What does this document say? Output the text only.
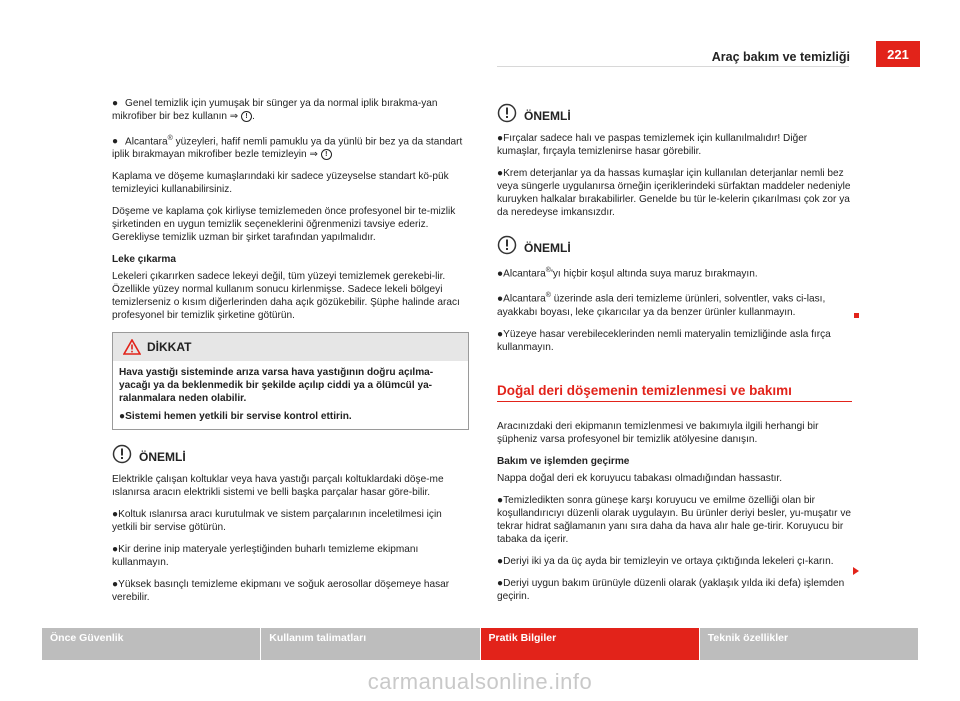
Araç bakım ve temizliği	221

● Genel temizlik için yumuşak bir sünger ya da normal iplik bırakma-yan mikrofiber bir bez kullanın ⇒ ! .

● Alcantara® yüzeyleri, hafif nemli pamuklu ya da yünlü bir bez ya da standart iplik bırakmayan mikrofiber bezle temizleyin ⇒ !

Kaplama ve döşeme kumaşlarındaki kir sadece yüzeyselse standart kö-pük temizleyici kullanabilirsiniz.

Döşeme ve kaplama çok kirliyse temizlemeden önce profesyonel bir te-mizlik şirketinden en uygun temizlik seçeneklerini öğrenmenizi tavsiye ederiz. Gerekliyse temizlik uzman bir şirket tarafından yapılmalıdır.

Leke çıkarma

Lekeleri çıkarırken sadece lekeyi değil, tüm yüzeyi temizlemek gerekebi-lir. Özellikle yüzey normal kullanım sonucu kirlenmişse. Sadece lekeli bölgeyi temizlerseniz o kısım diğerlerinden daha açık gözükebilir. Şüphe halinde aracı profesyonel bir temizlik şirketine götürün.

DİKKAT

Hava yastığı sisteminde arıza varsa hava yastığının doğru açılma-yacağı ya da beklenmedik bir şekilde açılıp ciddi ya a ölümcül ya-ralanmalara neden olabilir.

●Sistemi hemen yetkili bir servise kontrol ettirin.

ÖNEMLİ

Elektrikle çalışan koltuklar veya hava yastığı parçalı koltuklardaki döşe-me ıslanırsa aracın elektrikli sistemi ve belli başka parçalar hasar göre-bilir.

●Koltuk ıslanırsa aracı kurutulmak ve sistem parçalarının inceletilmesi için yetkili bir servise götürün.

●Kir derine inip materyale yerleştiğinden buharlı temizleme ekipmanı kullanmayın.

●Yüksek basınçlı temizleme ekipmanı ve soğuk aerosollar döşemeye hasar verebilir.

ÖNEMLİ

●Fırçalar sadece halı ve paspas temizlemek için kullanılmalıdır! Diğer kumaşlar, fırçayla temizlenirse hasar görebilir.

●Krem deterjanlar ya da hassas kumaşlar için kullanılan deterjanlar nemli bez veya süngerle uygulanırsa örneğin içeriklerindeki sürfaktan maddeler nedeniyle kuruyken halkalar bırakabilirler. Genelde bu tür le-kelerin çıkarılması çok zor ya da neredeyse imkansızdır.

ÖNEMLİ

●Alcantara®'yı hiçbir koşul altında suya maruz bırakmayın.

●Alcantara® üzerinde asla deri temizleme ürünleri, solventler, vaks ci-lası, ayakkabı boyası, leke çıkarıcılar ya da benzer ürünler kullanmayın.

●Yüzeye hasar verebileceklerinden nemli materyalin temizliğinde asla fırça kullanmayın.

Doğal deri döşemenin temizlenmesi ve bakımı

Aracınızdaki deri ekipmanın temizlenmesi ve bakımıyla ilgili herhangi bir şüpheniz varsa profesyonel bir temizlik atölyesine danışın.

Bakım ve işlemden geçirme

Nappa doğal deri ek koruyucu tabakası olmadığından hassastır.

●Temizledikten sonra güneşe karşı koruyucu ve emilme özelliği olan bir koşullandırıcıyı düzenli olarak uygulayın. Bu ürünler deriyi besler, yu-muşatır ve tekrar hidrat sağlamanın yanı sıra daha da hava alır hale ge-tirir. Koruyucu bir tabaka da içerir.

●Deriyi iki ya da üç ayda bir temizleyin ve ortaya çıktığında lekeleri çı-karın.

●Deriyi uygun bakım ürünüyle düzenli olarak (yaklaşık yılda iki defa) işlemden geçirin.

Önce Güvenlik	Kullanım talimatları	Pratik Bilgiler	Teknik özellikler
carmanualsonline.info
